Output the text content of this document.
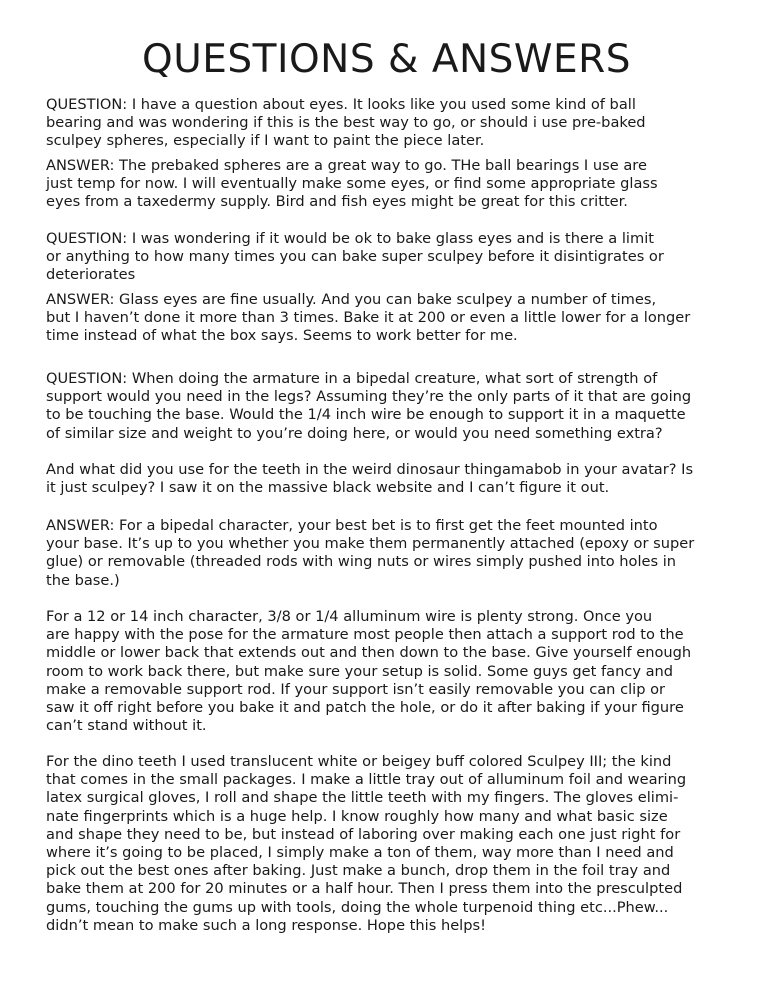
QUESTIONS & ANSWERS
QUESTION: I have a question about eyes. It looks like you used some kind of ball
bearing and was wondering if this is the best way to go, or should i use pre-baked
sculpey spheres, especially if I want to paint the piece later.
ANSWER: The prebaked spheres are a great way to go. THe ball bearings I use are
just temp for now. I will eventually make some eyes, or find some appropriate glass
eyes from a taxedermy supply. Bird and fish eyes might be great for this critter.
QUESTION: I was wondering if it would be ok to bake glass eyes and is there a limit
or anything to how many times you can bake super sculpey before it disintigrates or
deteriorates
ANSWER: Glass eyes are fine usually. And you can bake sculpey a number of times,
but I haven’t done it more than 3 times. Bake it at 200 or even a little lower for a longer
time instead of what the box says. Seems to work better for me.
QUESTION: When doing the armature in a bipedal creature, what sort of strength of
support would you need in the legs? Assuming they’re the only parts of it that are going
to be touching the base. Would the 1/4 inch wire be enough to support it in a maquette
of similar size and weight to you’re doing here, or would you need something extra?
And what did you use for the teeth in the weird dinosaur thingamabob in your avatar? Is
it just sculpey? I saw it on the massive black website and I can’t figure it out.
ANSWER: For a bipedal character, your best bet is to first get the feet mounted into
your base. It’s up to you whether you make them permanently attached (epoxy or super
glue) or removable (threaded rods with wing nuts or wires simply pushed into holes in
the base.)
For a 12 or 14 inch character, 3/8 or 1/4 alluminum wire is plenty strong. Once you
are happy with the pose for the armature most people then attach a support rod to the
middle or lower back that extends out and then down to the base. Give yourself enough
room to work back there, but make sure your setup is solid. Some guys get fancy and
make a removable support rod. If your support isn’t easily removable you can clip or
saw it off right before you bake it and patch the hole, or do it after baking if your figure
can’t stand without it.
For the dino teeth I used translucent white or beigey buff colored Sculpey III; the kind
that comes in the small packages. I make a little tray out of alluminum foil and wearing
latex surgical gloves, I roll and shape the little teeth with my fingers. The gloves elimi-
nate fingerprints which is a huge help. I know roughly how many and what basic size
and shape they need to be, but instead of laboring over making each one just right for
where it’s going to be placed, I simply make a ton of them, way more than I need and
pick out the best ones after baking. Just make a bunch, drop them in the foil tray and
bake them at 200 for 20 minutes or a half hour. Then I press them into the presculpted
gums, touching the gums up with tools, doing the whole turpenoid thing etc...Phew...
didn’t mean to make such a long response. Hope this helps!
